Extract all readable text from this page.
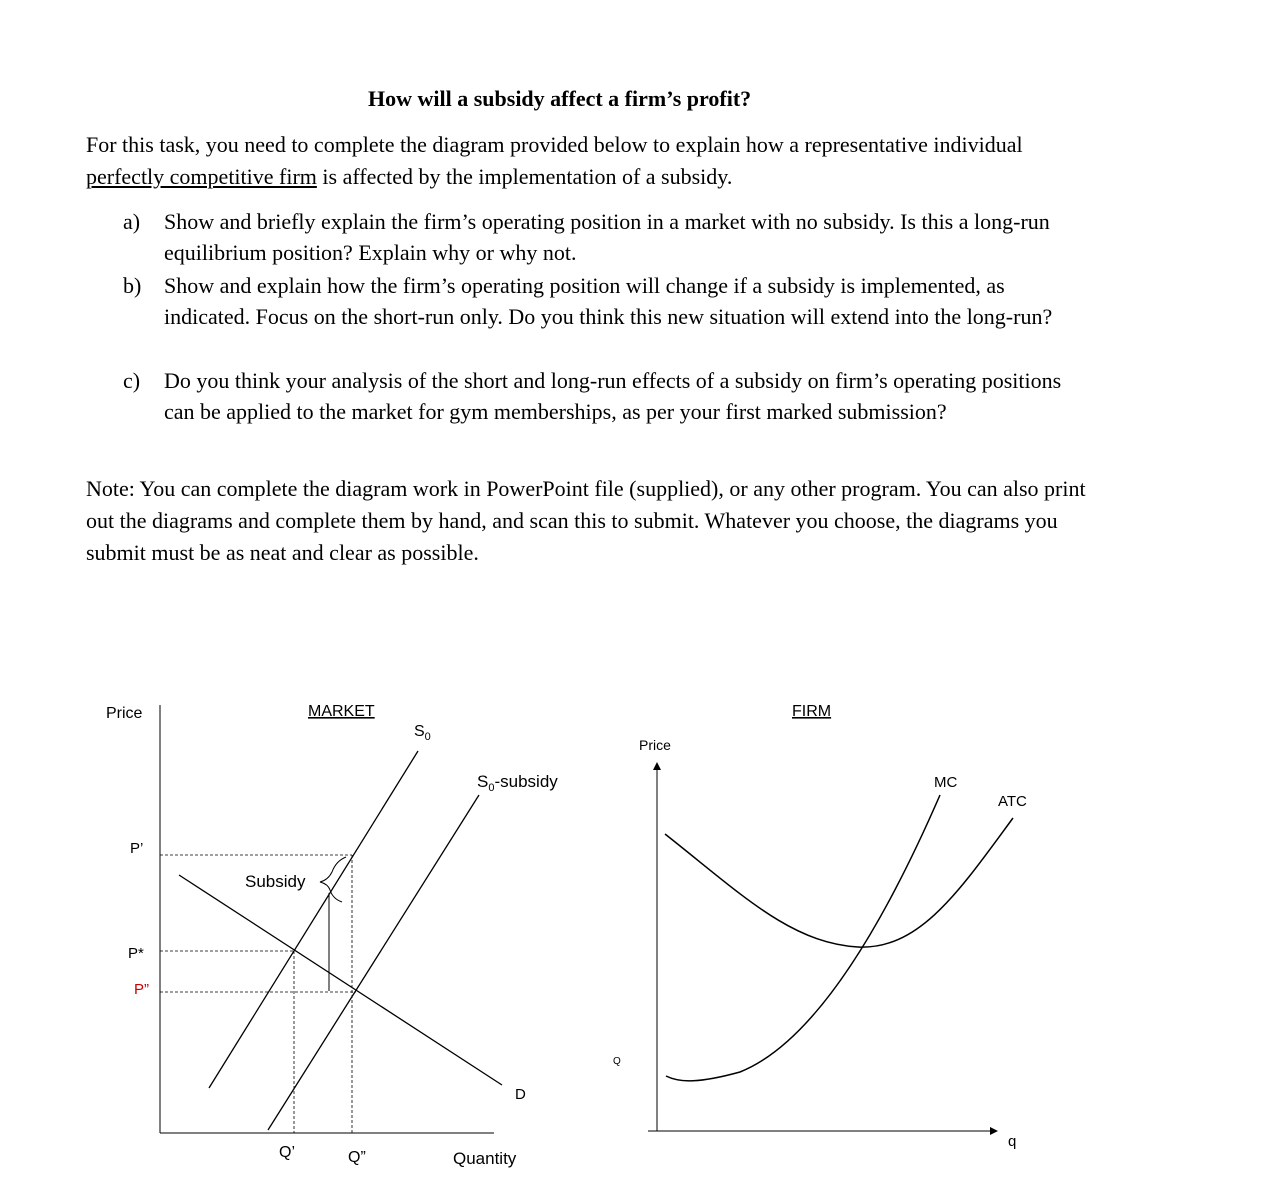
How will a subsidy affect a firm’s profit?
For this task, you need to complete the diagram provided below to explain how a representative individual perfectly competitive firm is affected by the implementation of a subsidy.
a)	Show and briefly explain the firm’s operating position in a market with no subsidy. Is this a long-run equilibrium position? Explain why or why not.
b)	Show and explain how the firm’s operating position will change if a subsidy is implemented, as indicated. Focus on the short-run only. Do you think this new situation will extend into the long-run?
c)	Do you think your analysis of the short and long-run effects of a subsidy on firm’s operating positions can be applied to the market for gym memberships, as per your first marked submission?
Note: You can complete the diagram work in PowerPoint file (supplied), or any other program. You can also print out the diagrams and complete them by hand, and scan this to submit. Whatever you choose, the diagrams you submit must be as neat and clear as possible.
Price	MARKET
$S_0$
$S_0$-subsidy
D
Subsidy
P’
P*
P”
Q’	Q”	Quantity
Q
FIRM
Price
q
ATC
MC
